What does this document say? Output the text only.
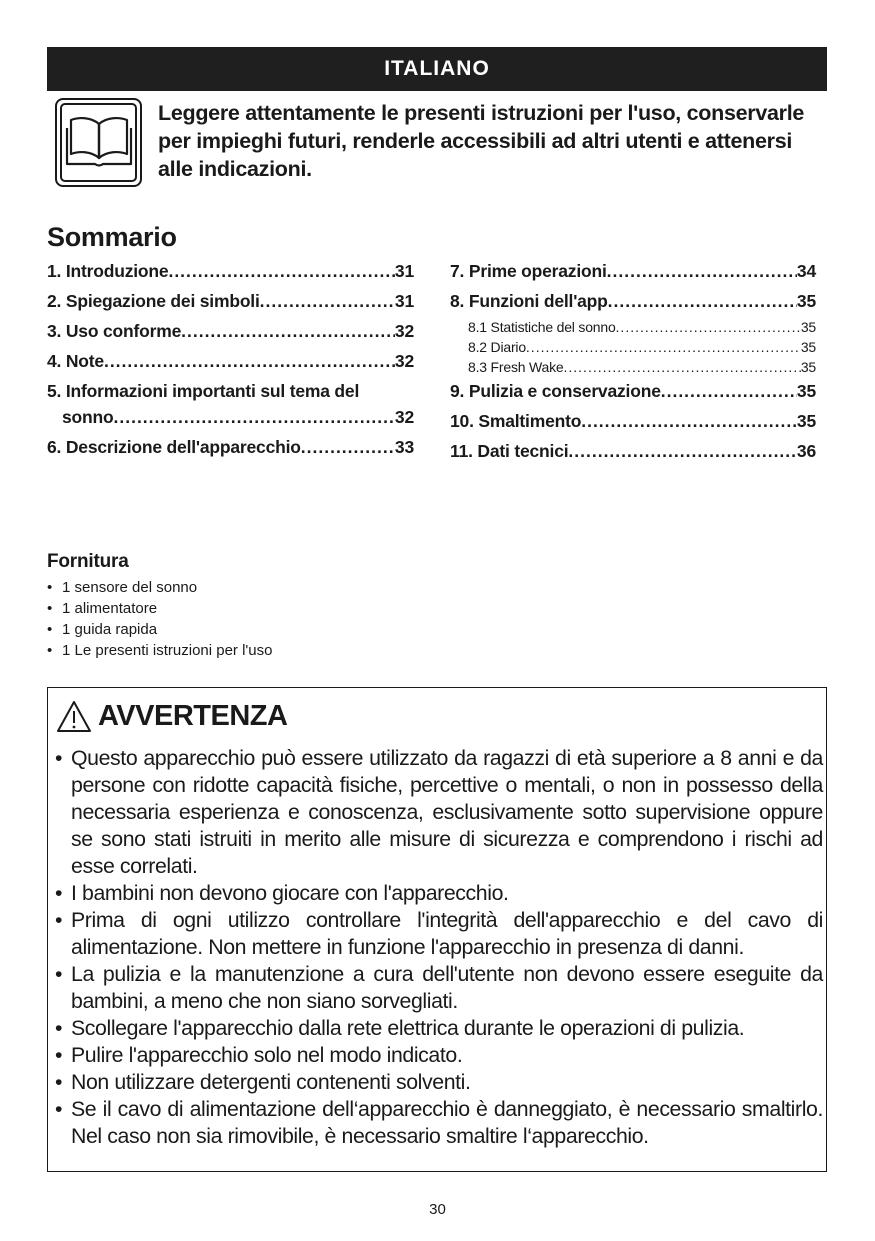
ITALIANO
Leggere attentamente le presenti istruzioni per l'uso, conservarle per impieghi futuri, renderle accessibili ad altri utenti e attenersi alle indicazioni.
Sommario
1. Introduzione .....	31
2. Spiegazione dei simboli .....	31
3. Uso conforme .....	32
4. Note .....	32
5. Informazioni importanti sul tema del
sonno .....	32
6. Descrizione dell'apparecchio .....	33
7. Prime operazioni .....	34
8. Funzioni dell'app .....	35
8.1 Statistiche del sonno .....	35
8.2 Diario .....	35
8.3 Fresh Wake .....	35
9. Pulizia e conservazione .....	35
10. Smaltimento .....	35
11. Dati tecnici .....	36
Fornitura
• 1 sensore del sonno
• 1 alimentatore
• 1 guida rapida
• 1 Le presenti istruzioni per l'uso
AVVERTENZA
• Questo apparecchio può essere utilizzato da ragazzi di età superiore a 8 anni e da persone con ridotte capacità fisiche, percettive o mentali, o non in possesso della necessaria esperienza e conoscenza, esclusivamente sotto supervisione oppure se sono stati istruiti in merito alle misure di sicurezza e comprendono i rischi ad esse correlati.
• I bambini non devono giocare con l'apparecchio.
• Prima di ogni utilizzo controllare l'integrità dell'apparecchio e del cavo di alimentazione. Non mettere in funzione l'apparecchio in presenza di danni.
• La pulizia e la manutenzione a cura dell'utente non devono essere eseguite da bambini, a meno che non siano sorvegliati.
• Scollegare l'apparecchio dalla rete elettrica durante le operazioni di pulizia.
• Pulire l'apparecchio solo nel modo indicato.
• Non utilizzare detergenti contenenti solventi.
• Se il cavo di alimentazione dell‘apparecchio è danneggiato, è necessario smaltirlo. Nel caso non sia rimovibile, è necessario smaltire l‘apparecchio.
30
